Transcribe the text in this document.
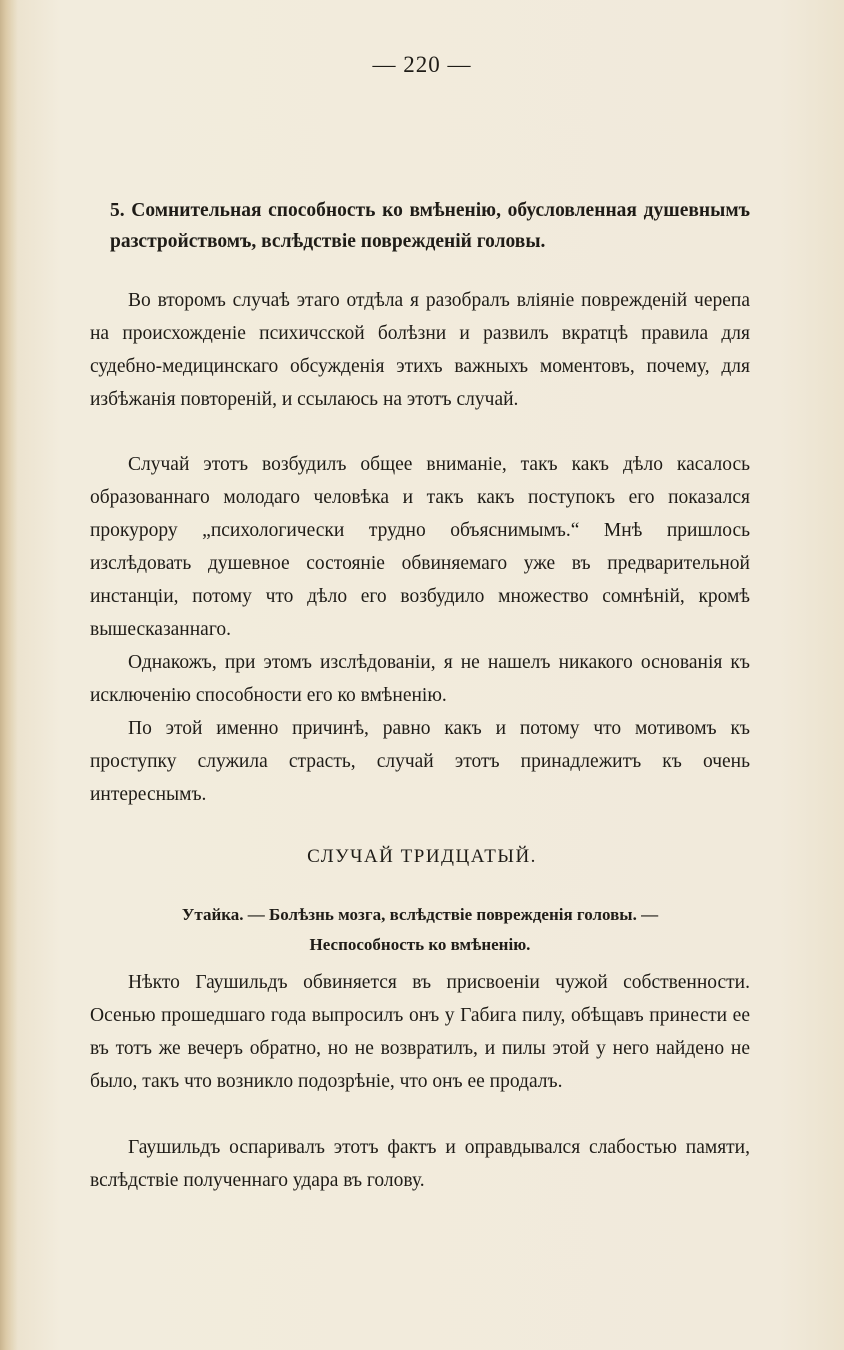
— 220 —
5. Сомнительная способность ко вмѣненію, обусловленная душевнымъ разстройствомъ, вслѣдствіе поврежденій головы.

Во второмъ случаѣ этаго отдѣла я разобралъ вліяніе поврежденій черепа на происхожденіе психичсской болѣзни и развилъ вкратцѣ правила для судебно-медицинскаго обсужденія этихъ важныхъ моментовъ, почему, для избѣжанія повтореній, и ссылаюсь на этотъ случай.

Случай этотъ возбудилъ общее вниманіе, такъ какъ дѣло касалось образованнаго молодаго человѣка и такъ какъ поступокъ его показался прокурору „психологически трудно объяснимымъ.“ Мнѣ пришлось изслѣдовать душевное состояніе обвиняемаго уже въ предварительной инстанціи, потому что дѣло его возбудило множество сомнѣній, кромѣ вышесказаннаго.

Однакожъ, при этомъ изслѣдованіи, я не нашелъ никакого основанія къ исключенію способности его ко вмѣненію.

По этой именно причинѣ, равно какъ и потому что мотивомъ къ проступку служила страсть, случай этотъ принадлежитъ къ очень интереснымъ.

СЛУЧАЙ ТРИДЦАТЫЙ.
Утайка. — Болѣзнь мозга, вслѣдствіе поврежденія головы. —
Неспособность ко вмѣненію.

Нѣкто Гаушильдъ обвиняется въ присвоеніи чужой собственности. Осенью прошедшаго года выпросилъ онъ у Габига пилу, обѣщавъ принести ее въ тотъ же вечеръ обратно, но не возвратилъ, и пилы этой у него найдено не было, такъ что возникло подозрѣніе, что онъ ее продалъ.

Гаушильдъ оспаривалъ этотъ фактъ и оправдывался слабостью памяти, вслѣдствіе полученнаго удара въ голову.
